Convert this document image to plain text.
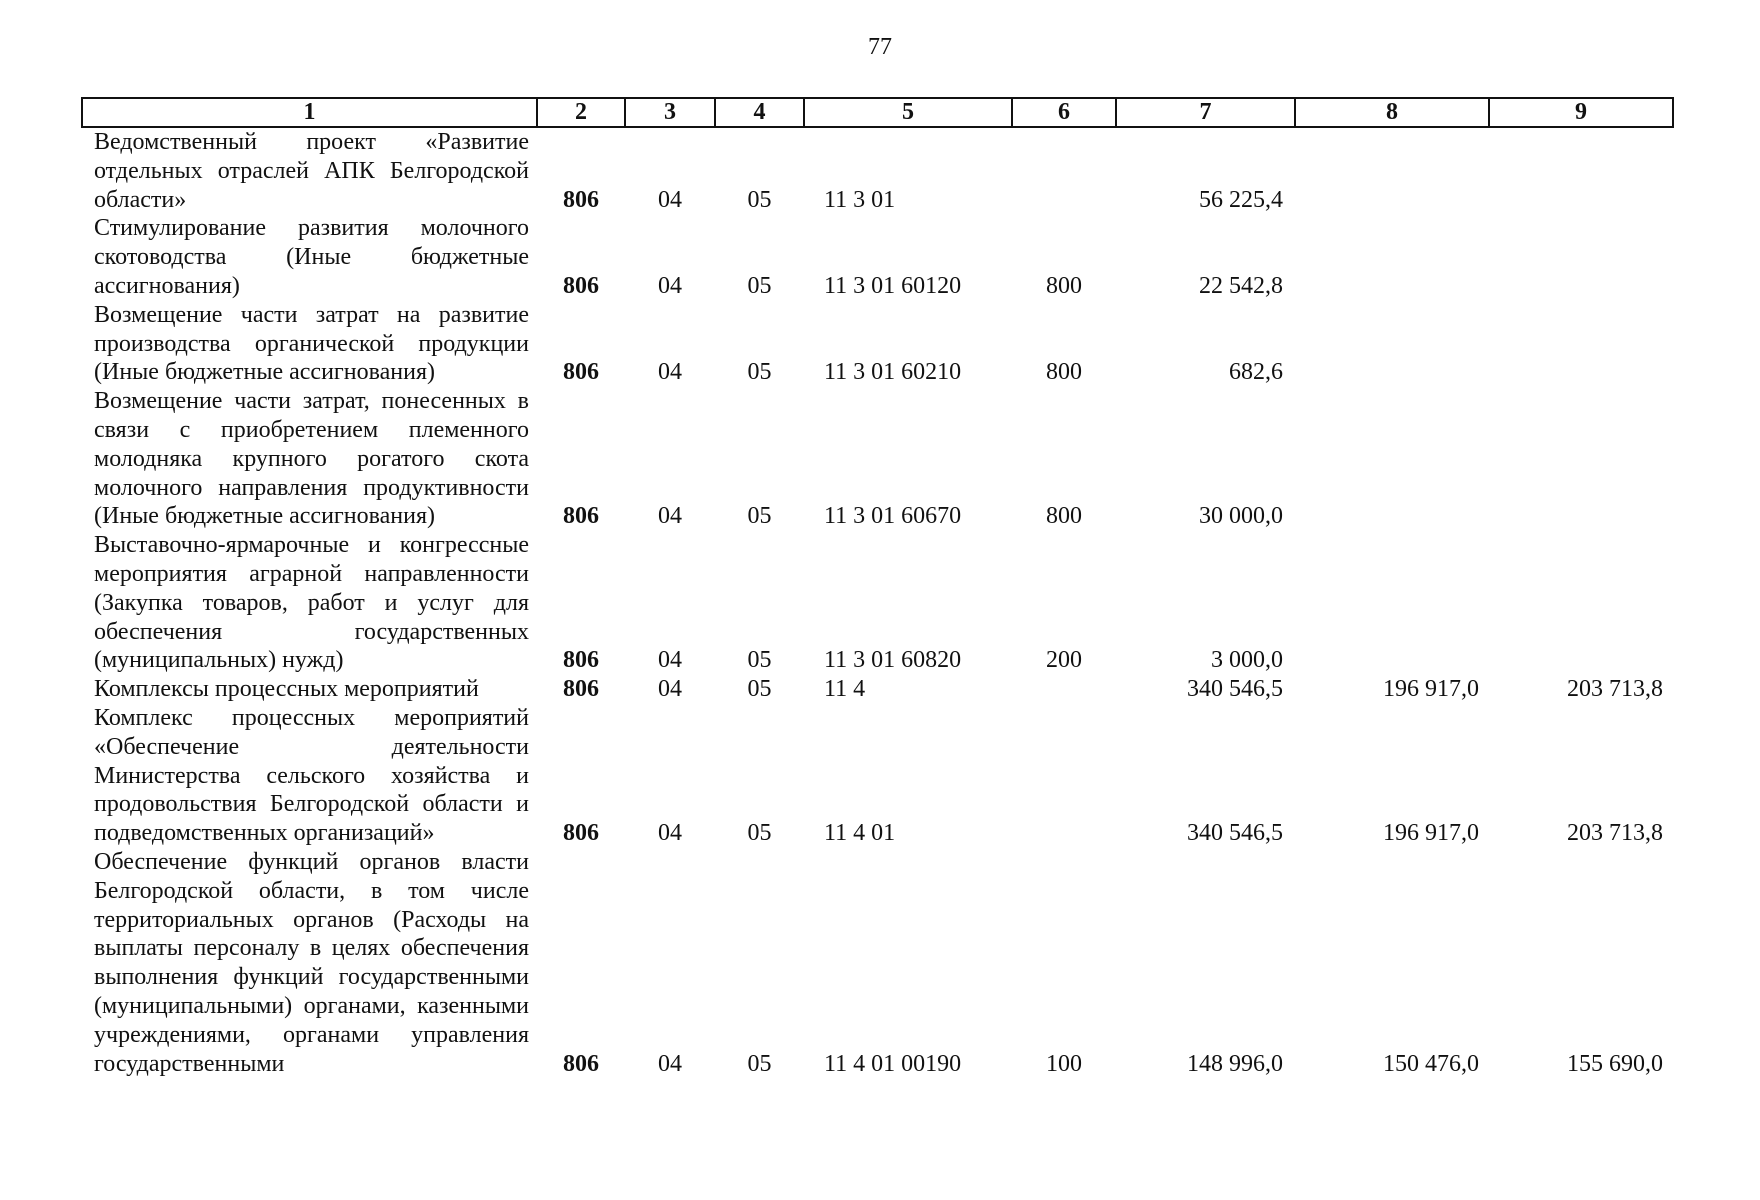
77
1	2	3	4	5	6	7	8	9
Ведомственный проект «Развитие отдельных отраслей АПК Белгородской области»	806	04	05	11 3 01		56 225,4		
Стимулирование развития молочного скотоводства (Иные бюджетные ассигнования)	806	04	05	11 3 01 60120	800	22 542,8		
Возмещение части затрат на развитие производства органической продукции (Иные бюджетные ассигнования)	806	04	05	11 3 01 60210	800	682,6		
Возмещение части затрат, понесенных в связи с приобретением племенного молодняка крупного рогатого скота молочного направления продуктивности (Иные бюджетные ассигнования)	806	04	05	11 3 01 60670	800	30 000,0		
Выставочно-ярмарочные и конгрессные мероприятия аграрной направленности (Закупка товаров, работ и услуг для обеспечения государственных (муниципальных) нужд)	806	04	05	11 3 01 60820	200	3 000,0		
Комплексы процессных мероприятий	806	04	05	11 4		340 546,5	196 917,0	203 713,8
Комплекс процессных мероприятий «Обеспечение деятельности Министерства сельского хозяйства и продовольствия Белгородской области и подведомственных организаций»	806	04	05	11 4 01		340 546,5	196 917,0	203 713,8
Обеспечение функций органов власти Белгородской области, в том числе территориальных органов (Расходы на выплаты персоналу в целях обеспечения выполнения функций государственными (муниципальными) органами, казенными учреждениями, органами управления государственными	806	04	05	11 4 01 00190	100	148 996,0	150 476,0	155 690,0
